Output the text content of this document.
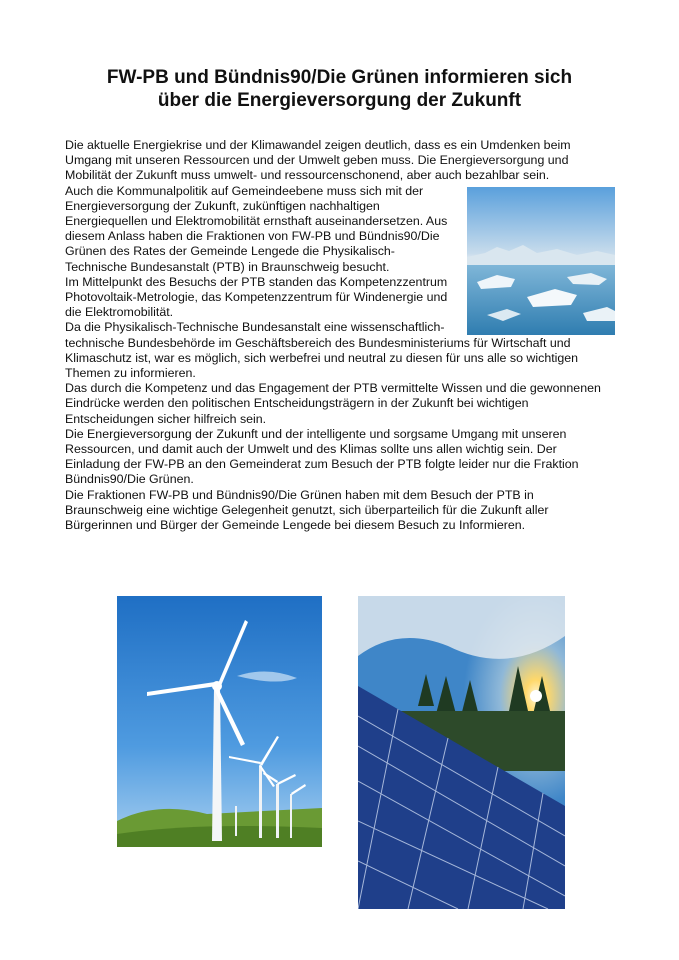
FW-PB und Bündnis90/Die Grünen informieren sich
über die Energieversorgung der Zukunft

Die aktuelle Energiekrise und der Klimawandel zeigen deutlich, dass es ein Umdenken beim Umgang mit unseren Ressourcen und der Umwelt geben muss. Die Energieversorgung und Mobilität der Zukunft muss umwelt- und ressourcenschonend, aber auch bezahlbar sein.

Auch die Kommunalpolitik auf Gemeindeebene muss sich mit der Energieversorgung der Zukunft, zukünftigen nachhaltigen Energiequellen und Elektromobilität ernsthaft auseinandersetzen. Aus diesem Anlass haben die Fraktionen von FW-PB und Bündnis90/Die Grünen des Rates der Gemeinde Lengede die Physikalisch-Technische Bundesanstalt (PTB) in Braunschweig besucht.

Im Mittelpunkt des Besuchs der PTB standen das Kompetenzzentrum Photovoltaik-Metrologie, das Kompetenzzentrum für Windenergie und die Elektromobilität.

Da die Physikalisch-Technische Bundesanstalt eine wissenschaftlich-technische Bundesbehörde im Geschäftsbereich des Bundesministeriums für Wirtschaft und Klimaschutz ist, war es möglich, sich werbefrei und neutral zu diesen für uns alle so wichtigen Themen zu informieren.

Das durch die Kompetenz und das Engagement der PTB vermittelte Wissen und die gewonnenen Eindrücke werden den politischen Entscheidungsträgern in der Zukunft bei wichtigen Entscheidungen sicher hilfreich sein.

Die Energieversorgung der Zukunft und der intelligente und sorgsame Umgang mit unseren Ressourcen, und damit auch der Umwelt und des Klimas sollte uns allen wichtig sein. Der Einladung der FW-PB an den Gemeinderat zum Besuch der PTB folgte leider nur die Fraktion Bündnis90/Die Grünen.

Die Fraktionen FW-PB und Bündnis90/Die Grünen haben mit dem Besuch der PTB in Braunschweig eine wichtige Gelegenheit genutzt, sich überparteilich für die Zukunft aller Bürgerinnen und Bürger der Gemeinde Lengede bei diesem Besuch zu Informieren.
